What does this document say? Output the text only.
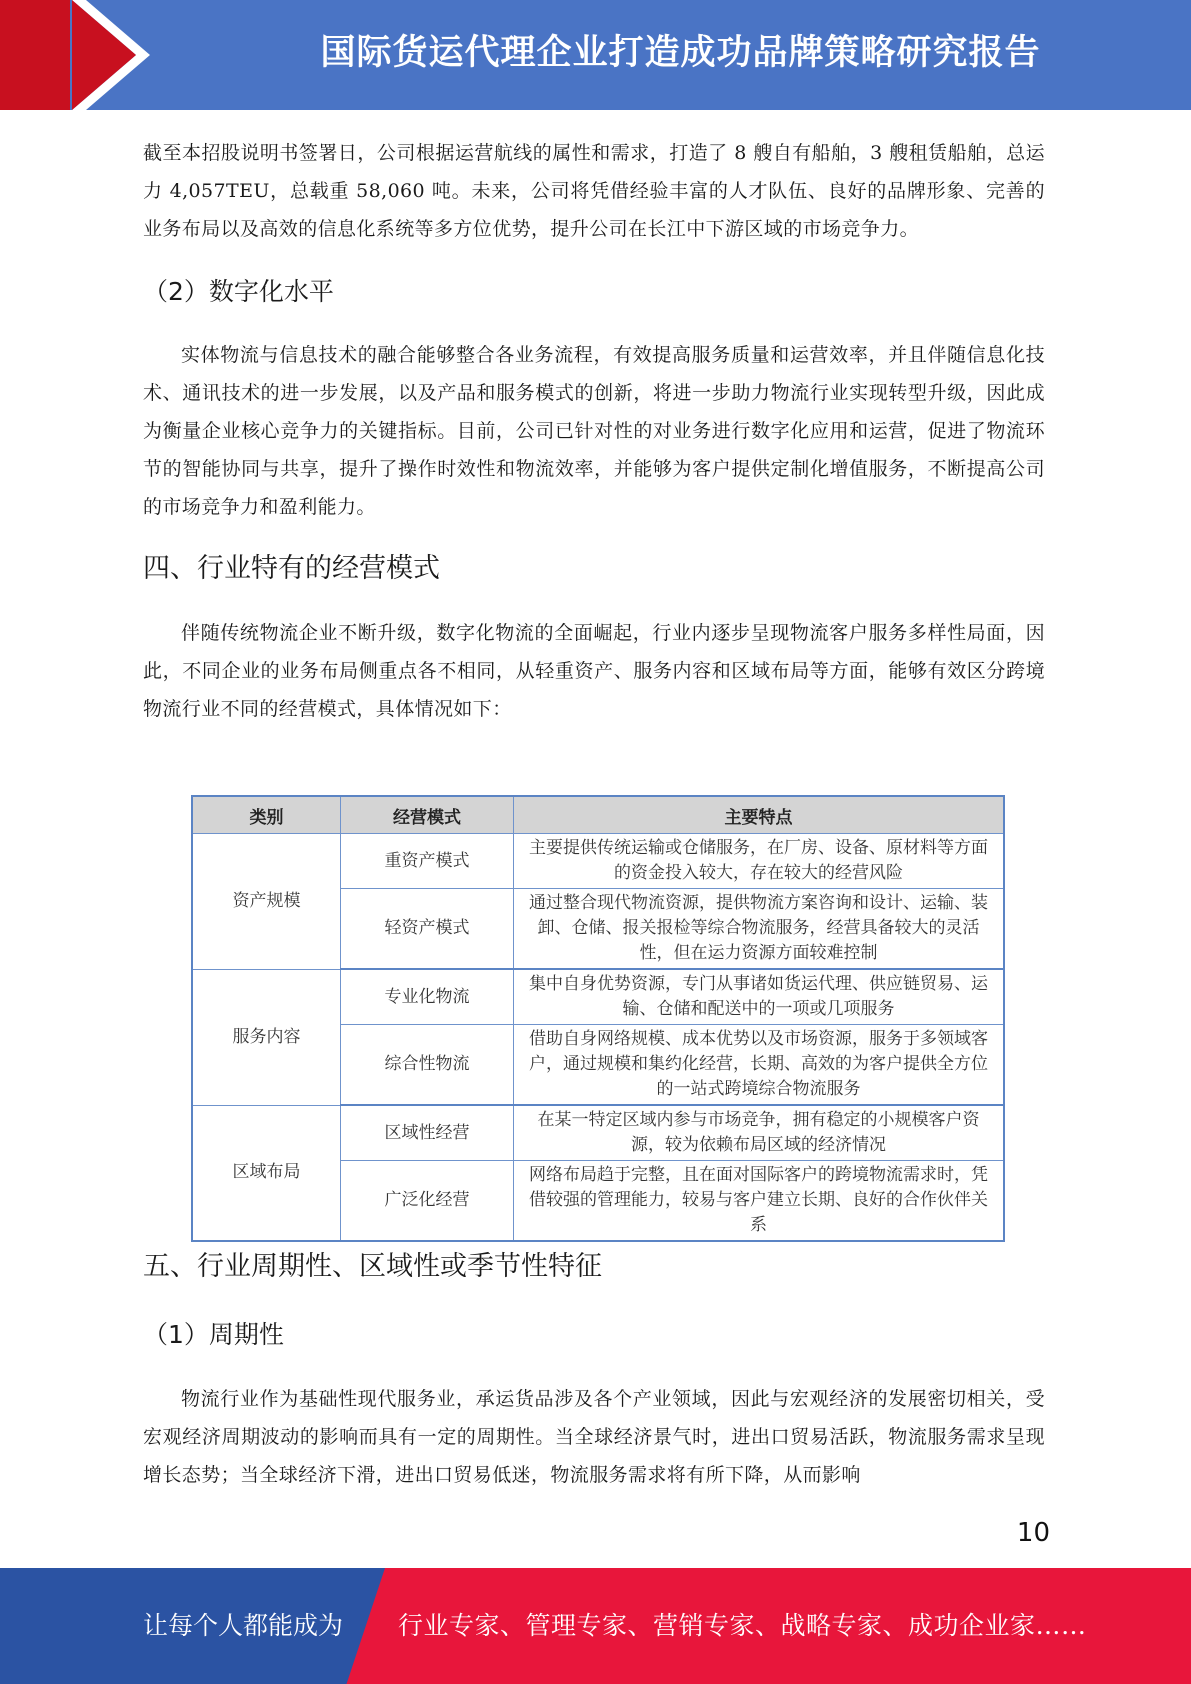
国际货运代理企业打造成功品牌策略研究报告

截至本招股说明书签署日，公司根据运营航线的属性和需求，打造了 8 艘自有船舶，3 艘租赁船舶，总运力 4,057TEU，总载重 58,060 吨。未来，公司将凭借经验丰富的人才队伍、良好的品牌形象、完善的业务布局以及高效的信息化系统等多方位优势，提升公司在长江中下游区域的市场竞争力。

（2）数字化水平

实体物流与信息技术的融合能够整合各业务流程，有效提高服务质量和运营效率，并且伴随信息化技术、通讯技术的进一步发展，以及产品和服务模式的创新，将进一步助力物流行业实现转型升级，因此成为衡量企业核心竞争力的关键指标。目前，公司已针对性的对业务进行数字化应用和运营，促进了物流环节的智能协同与共享，提升了操作时效性和物流效率，并能够为客户提供定制化增值服务，不断提高公司的市场竞争力和盈利能力。

四、行业特有的经营模式

伴随传统物流企业不断升级，数字化物流的全面崛起，行业内逐步呈现物流客户服务多样性局面，因此，不同企业的业务布局侧重点各不相同，从轻重资产、服务内容和区域布局等方面，能够有效区分跨境物流行业不同的经营模式，具体情况如下：

类别	经营模式	主要特点
资产规模	重资产模式	主要提供传统运输或仓储服务，在厂房、设备、原材料等方面的资金投入较大，存在较大的经营风险
	轻资产模式	通过整合现代物流资源，提供物流方案咨询和设计、运输、装卸、仓储、报关报检等综合物流服务，经营具备较大的灵活性，但在运力资源方面较难控制
服务内容	专业化物流	集中自身优势资源，专门从事诸如货运代理、供应链贸易、运输、仓储和配送中的一项或几项服务
	综合性物流	借助自身网络规模、成本优势以及市场资源，服务于多领域客户，通过规模和集约化经营，长期、高效的为客户提供全方位的一站式跨境综合物流服务
区域布局	区域性经营	在某一特定区域内参与市场竞争，拥有稳定的小规模客户资源，较为依赖布局区域的经济情况
	广泛化经营	网络布局趋于完整，且在面对国际客户的跨境物流需求时，凭借较强的管理能力，较易与客户建立长期、良好的合作伙伴关系
五、行业周期性、区域性或季节性特征
（1）周期性

物流行业作为基础性现代服务业，承运货品涉及各个产业领域，因此与宏观经济的发展密切相关，受宏观经济周期波动的影响而具有一定的周期性。当全球经济景气时，进出口贸易活跃，物流服务需求呈现增长态势；当全球经济下滑，进出口贸易低迷，物流服务需求将有所下降，从而影响

10
让每个人都能成为 行业专家、管理专家、营销专家、战略专家、成功企业家……
